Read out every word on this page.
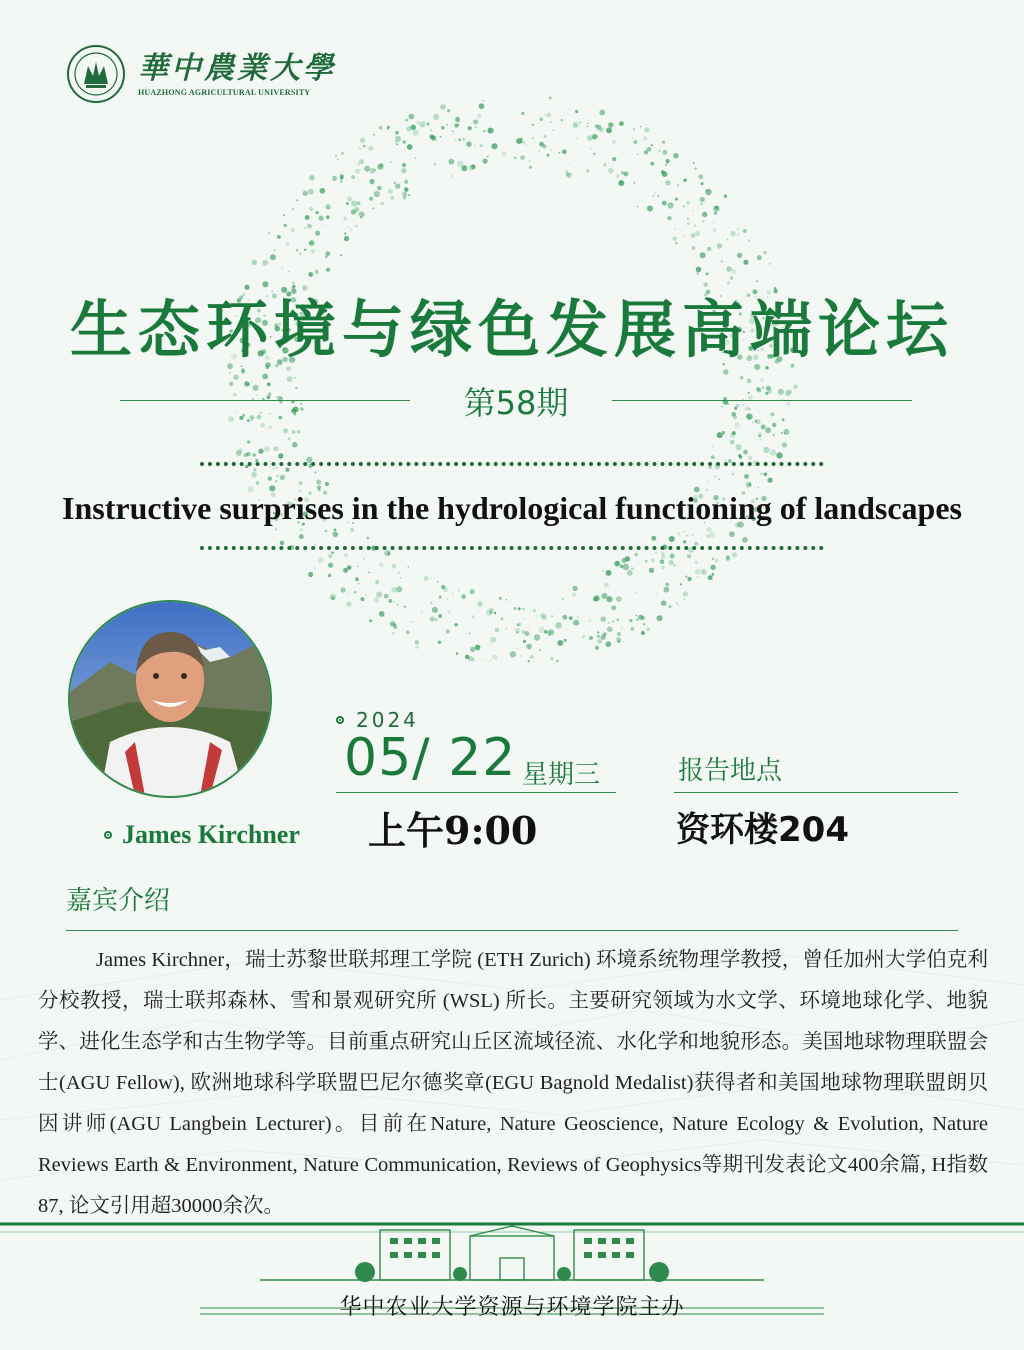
華中農業大學
HUAZHONG AGRICULTURAL UNIVERSITY
生态环境与绿色发展高端论坛
第58期
Instructive surprises in the hydrological functioning of landscapes
James Kirchner
2024
05/ 22 星期三
上午9:00
报告地点
资环楼204
嘉宾介绍
James Kirchner，瑞士苏黎世联邦理工学院 (ETH Zurich) 环境系统物理学教授，曾任加州大学伯克利分校教授，瑞士联邦森林、雪和景观研究所 (WSL) 所长。主要研究领域为水文学、环境地球化学、地貌学、进化生态学和古生物学等。目前重点研究山丘区流域径流、水化学和地貌形态。美国地球物理联盟会士(AGU Fellow), 欧洲地球科学联盟巴尼尔德奖章(EGU Bagnold Medalist)获得者和美国地球物理联盟朗贝因讲师(AGU Langbein Lecturer)。目前在Nature, Nature Geoscience, Nature Ecology & Evolution, Nature Reviews Earth & Environment, Nature Communication, Reviews of Geophysics等期刊发表论文400余篇, H指数87, 论文引用超30000余次。
华中农业大学资源与环境学院主办
